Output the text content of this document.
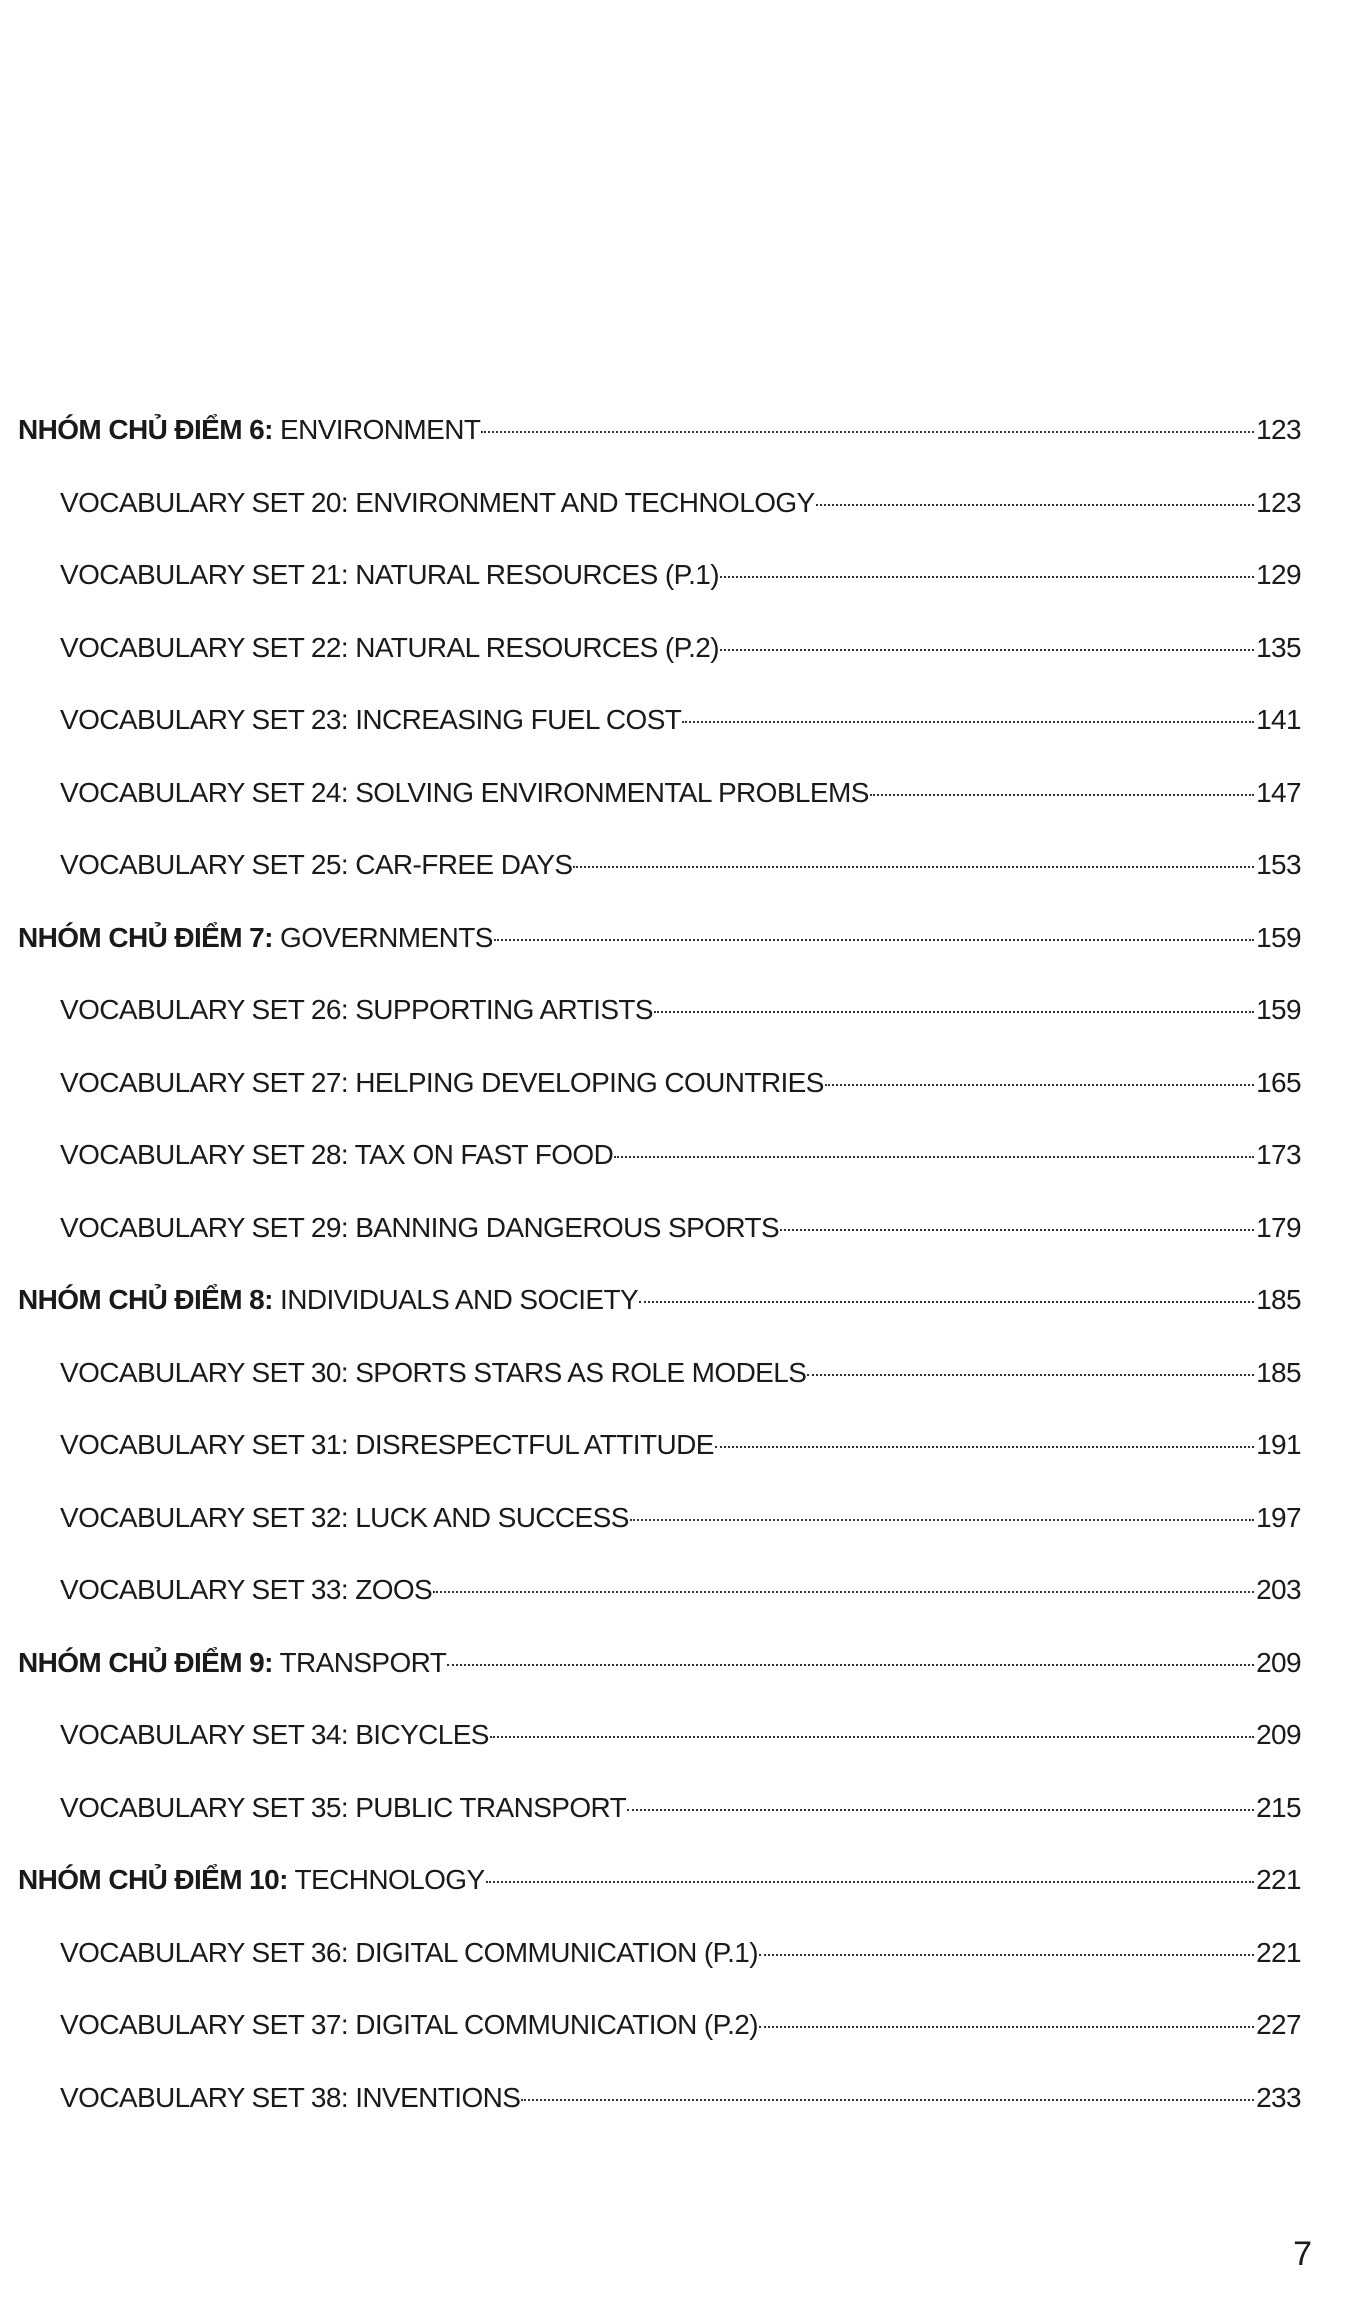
NHÓM CHỦ ĐIỂM 6: ENVIRONMENT	123
VOCABULARY SET 20: ENVIRONMENT AND TECHNOLOGY	123
VOCABULARY SET 21: NATURAL RESOURCES (P.1)	129
VOCABULARY SET 22: NATURAL RESOURCES (P.2)	135
VOCABULARY SET 23: INCREASING FUEL COST	141
VOCABULARY SET 24: SOLVING ENVIRONMENTAL PROBLEMS	147
VOCABULARY SET 25: CAR-FREE DAYS	153
NHÓM CHỦ ĐIỂM 7: GOVERNMENTS	159
VOCABULARY SET 26: SUPPORTING ARTISTS	159
VOCABULARY SET 27: HELPING DEVELOPING COUNTRIES	165
VOCABULARY SET 28: TAX ON FAST FOOD	173
VOCABULARY SET 29: BANNING DANGEROUS SPORTS	179
NHÓM CHỦ ĐIỂM 8: INDIVIDUALS AND SOCIETY	185
VOCABULARY SET 30: SPORTS STARS AS ROLE MODELS	185
VOCABULARY SET 31: DISRESPECTFUL ATTITUDE	191
VOCABULARY SET 32: LUCK AND SUCCESS	197
VOCABULARY SET 33: ZOOS	203
NHÓM CHỦ ĐIỂM 9: TRANSPORT	209
VOCABULARY SET 34: BICYCLES	209
VOCABULARY SET 35: PUBLIC TRANSPORT	215
NHÓM CHỦ ĐIỂM 10: TECHNOLOGY	221
VOCABULARY SET 36: DIGITAL COMMUNICATION (P.1)	221
VOCABULARY SET 37: DIGITAL COMMUNICATION (P.2)	227
VOCABULARY SET 38: INVENTIONS	233
7
